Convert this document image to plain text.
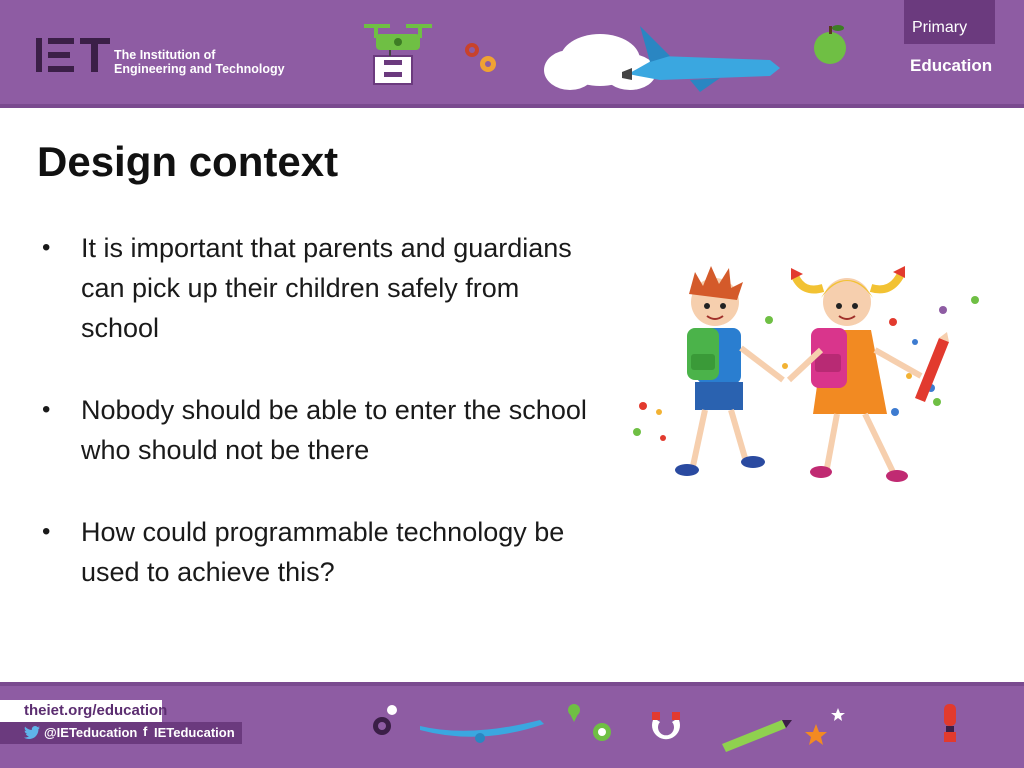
The Institution of
Engineering and Technology
Primary
Education
Design context
• It is important that parents and guardians can pick up their children safely from school
• Nobody should be able to enter the school who should not be there
• How could programmable technology be used to achieve this?
theiet.org/education
@IETeducation f IETeducation
